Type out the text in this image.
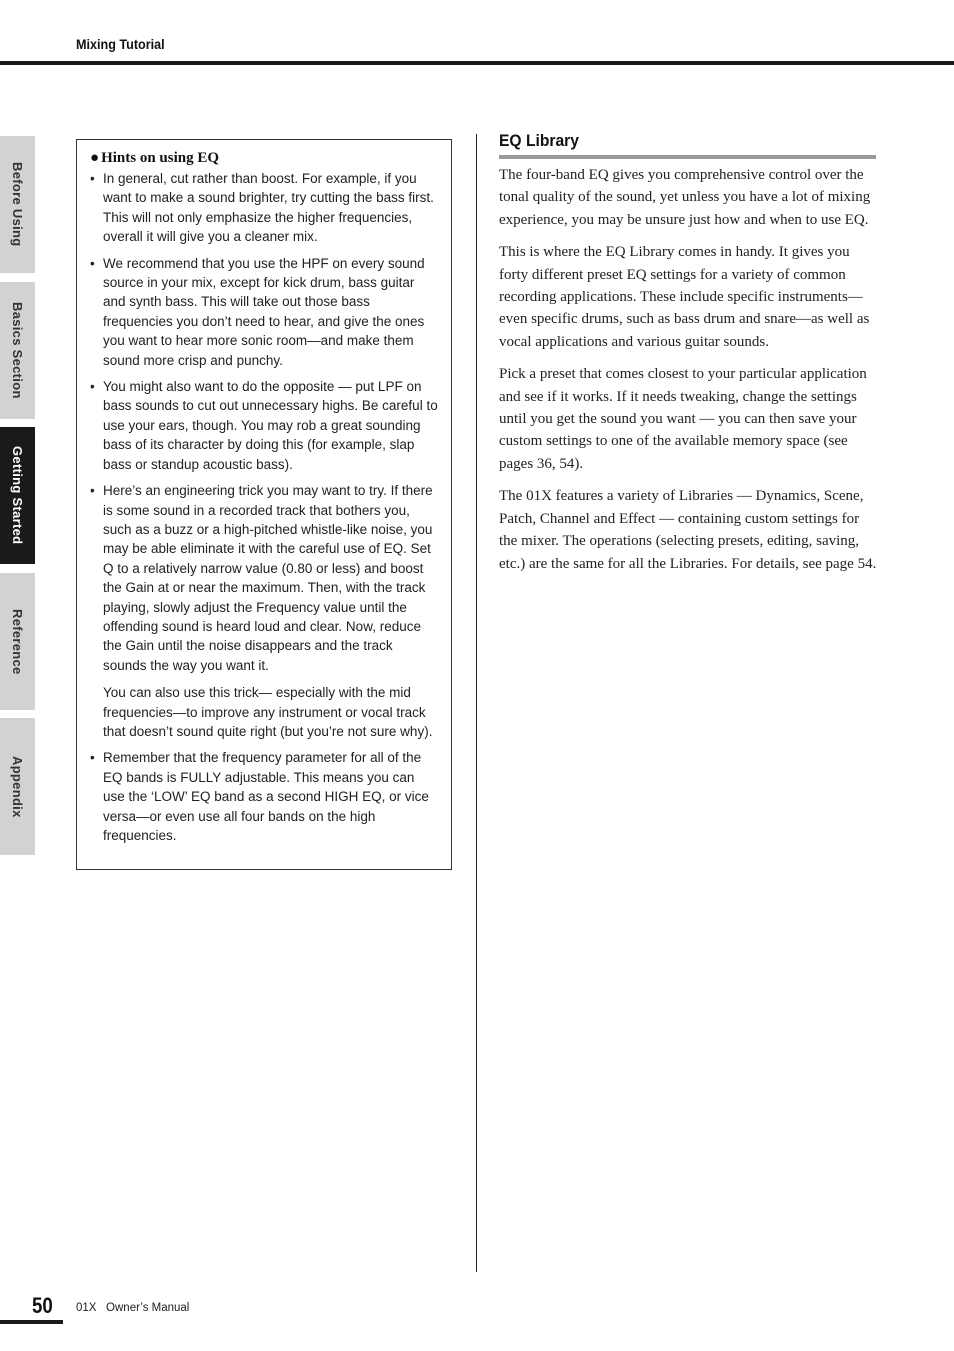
Mixing Tutorial
Before Using
Basics Section
Getting Started
Reference
Appendix
● Hints on using EQ
• In general, cut rather than boost. For example, if you want to make a sound brighter, try cutting the bass first. This will not only emphasize the higher frequencies, overall it will give you a cleaner mix.

• We recommend that you use the HPF on every sound source in your mix, except for kick drum, bass guitar and synth bass. This will take out those bass frequencies you don’t need to hear, and give the ones you want to hear more sonic room—and make them sound more crisp and punchy.

• You might also want to do the opposite — put LPF on bass sounds to cut out unnecessary highs. Be careful to use your ears, though. You may rob a great sounding bass of its character by doing this (for example, slap bass or standup acoustic bass).

• Here’s an engineering trick you may want to try. If there is some sound in a recorded track that bothers you, such as a buzz or a high-pitched whistle-like noise, you may be able eliminate it with the careful use of EQ. Set Q to a relatively narrow value (0.80 or less) and boost the Gain at or near the maximum. Then, with the track playing, slowly adjust the Frequency value until the offending sound is heard loud and clear. Now, reduce the Gain until the noise disappears and the track sounds the way you want it.

You can also use this trick— especially with the mid frequencies—to improve any instrument or vocal track that doesn’t sound quite right (but you’re not sure why).

• Remember that the frequency parameter for all of the EQ bands is FULLY adjustable. This means you can use the ‘LOW’ EQ band as a second HIGH EQ, or vice versa—or even use all four bands on the high frequencies.

EQ Library

The four-band EQ gives you comprehensive control over the tonal quality of the sound, yet unless you have a lot of mixing experience, you may be unsure just how and when to use EQ.

This is where the EQ Library comes in handy. It gives you forty different preset EQ settings for a variety of common recording applications. These include specific instruments—even specific drums, such as bass drum and snare—as well as vocal applications and various guitar sounds.

Pick a preset that comes closest to your particular application and see if it works. If it needs tweaking, change the settings until you get the sound you want — you can then save your custom settings to one of the available memory space (see pages 36, 54).

The 01X features a variety of Libraries — Dynamics, Scene, Patch, Channel and Effect — containing custom settings for the mixer. The operations (selecting presets, editing, saving, etc.) are the same for all the Libraries. For details, see page 54.

50 01X   Owner’s Manual
